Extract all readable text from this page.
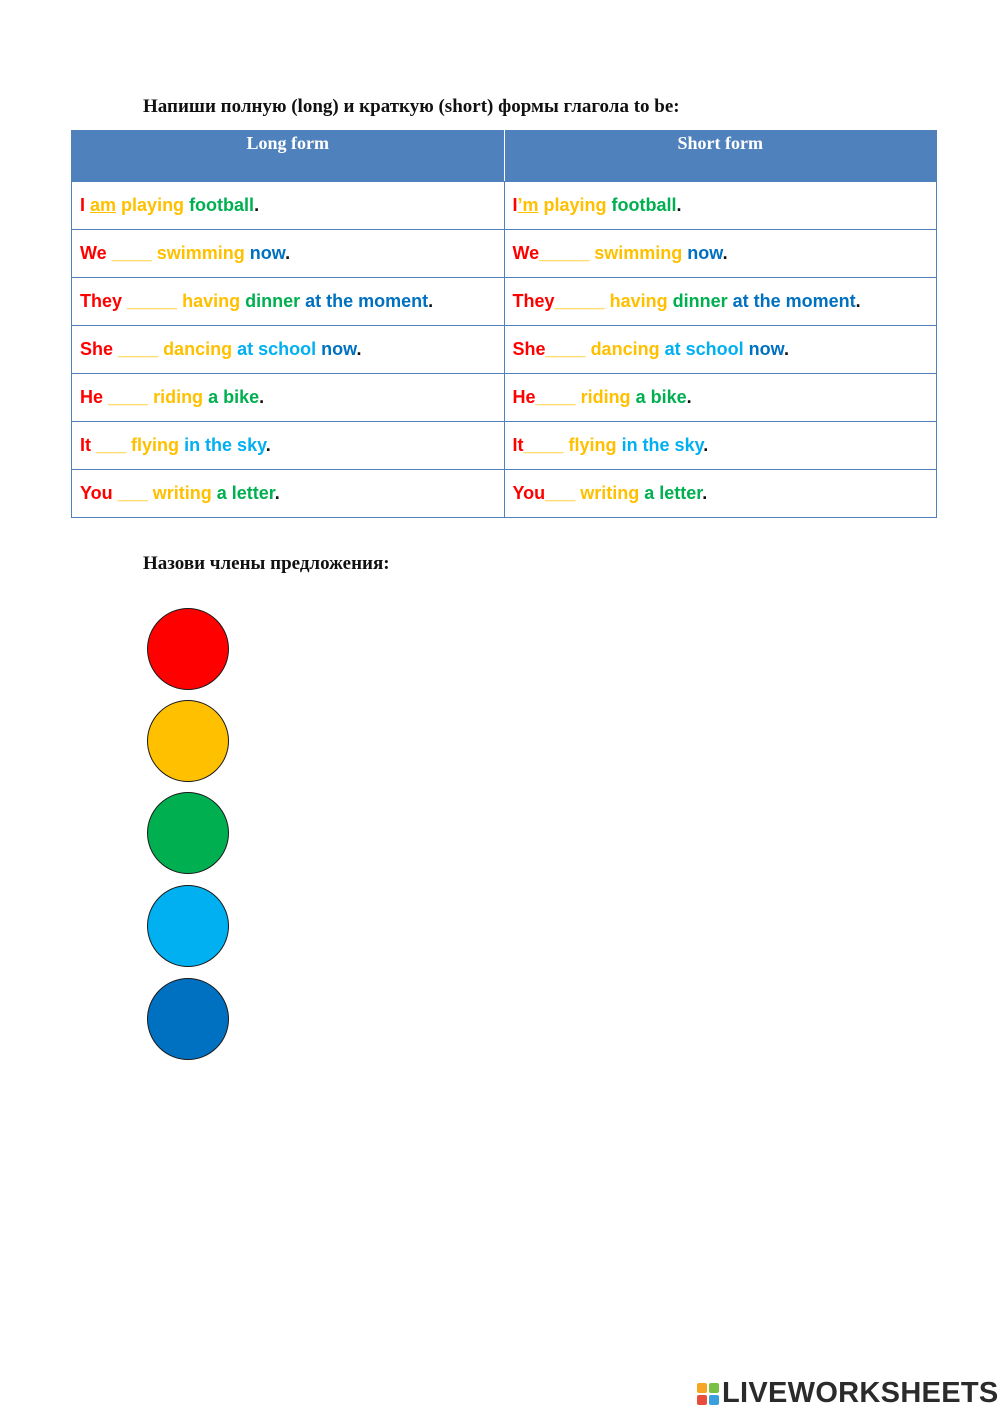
Напиши полную (long) и краткую (short) формы глагола to be:
Long form	Short form
I am playing football.	I’m playing football.
We ____ swimming now.	We_____ swimming now.
They _____ having dinner at the moment.	They_____ having dinner at the moment.
She ____ dancing at school now.	She____ dancing at school now.
He ____ riding a bike.	He____ riding a bike.
It ___ flying in the sky.	It____ flying in the sky.
You ___ writing a letter.	You___ writing a letter.
Назови члены предложения:
LIVEWORKSHEETS
